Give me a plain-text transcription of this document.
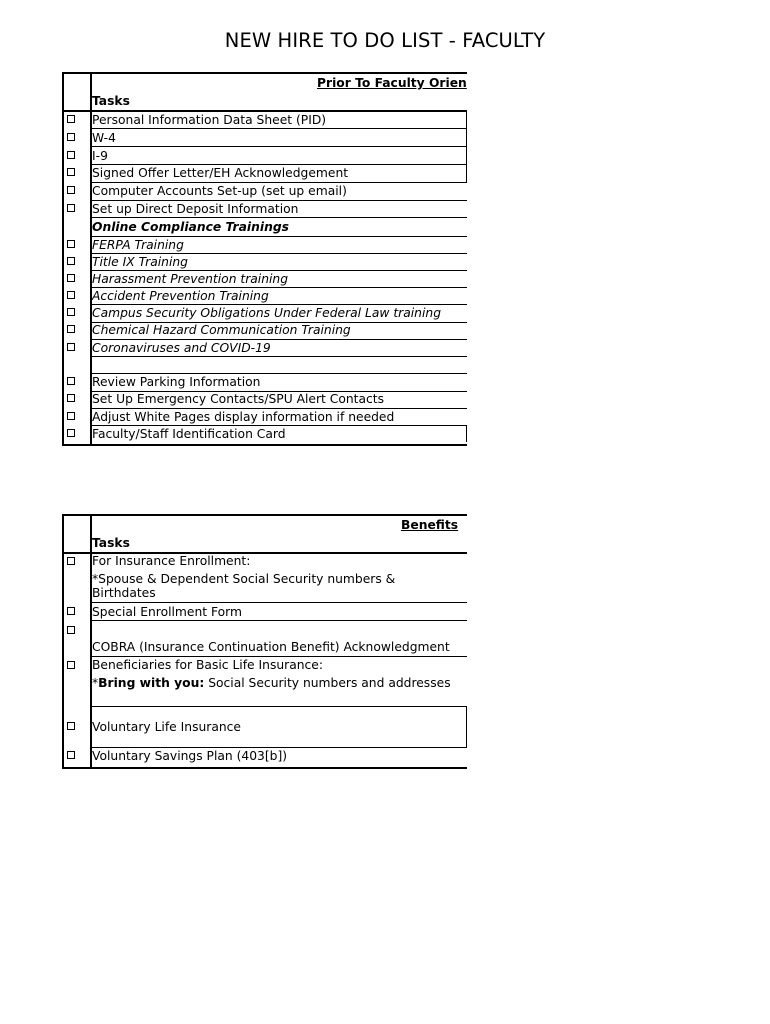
NEW HIRE TO DO LIST - FACULTY
Prior To Faculty Orien
Tasks
Personal Information Data Sheet (PID)
W-4
I-9
Signed Offer Letter/EH Acknowledgement
Computer Accounts Set-up (set up email)
Set up Direct Deposit Information
Online Compliance Trainings
FERPA Training
Title IX Training
Harassment Prevention training
Accident Prevention Training
Campus Security Obligations Under Federal Law training
Chemical Hazard Communication Training
Coronaviruses and COVID-19
Review Parking Information
Set Up Emergency Contacts/SPU Alert Contacts
Adjust White Pages display information if needed
Faculty/Staff Identification Card
Benefits
Tasks
For Insurance Enrollment:
*Spouse & Dependent Social Security numbers &
Birthdates
Special Enrollment Form
COBRA (Insurance Continuation Benefit) Acknowledgment
Beneficiaries for Basic Life Insurance:
*Bring with you: Social Security numbers and addresses
Voluntary Life Insurance
Voluntary Savings Plan (403[b])
